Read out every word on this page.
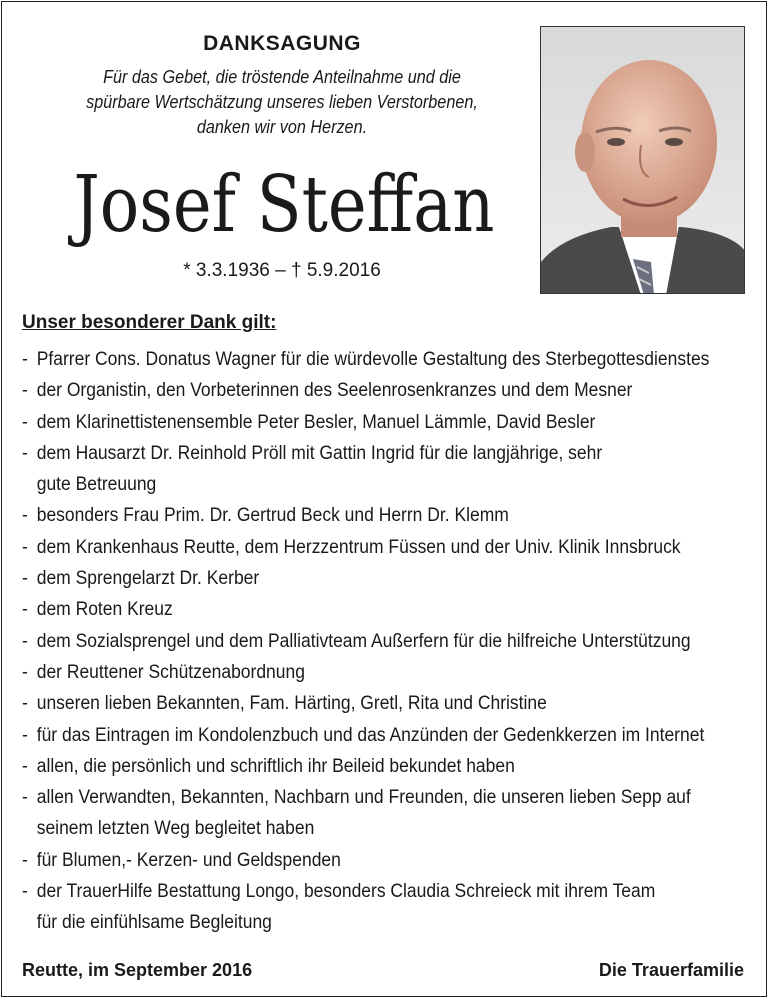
DANKSAGUNG
Für das Gebet, die tröstende Anteilnahme und die
spürbare Wertschätzung unseres lieben Verstorbenen,
danken wir von Herzen.
Josef Steffan
* 3.3.1936 – † 5.9.2016
Unser besonderer Dank gilt:
- Pfarrer Cons. Donatus Wagner für die würdevolle Gestaltung des Sterbegottesdienstes
- der Organistin, den Vorbeterinnen des Seelenrosenkranzes und dem Mesner
- dem Klarinettistenensemble Peter Besler, Manuel Lämmle, David Besler
- dem Hausarzt Dr. Reinhold Pröll mit Gattin Ingrid für die langjährige, sehr
gute Betreuung
- besonders Frau Prim. Dr. Gertrud Beck und Herrn Dr. Klemm
- dem Krankenhaus Reutte, dem Herzzentrum Füssen und der Univ. Klinik Innsbruck
- dem Sprengelarzt Dr. Kerber
- dem Roten Kreuz
- dem Sozialsprengel und dem Palliativteam Außerfern für die hilfreiche Unterstützung
- der Reuttener Schützenabordnung
- unseren lieben Bekannten, Fam. Härting, Gretl, Rita und Christine
- für das Eintragen im Kondolenzbuch und das Anzünden der Gedenkkerzen im Internet
- allen, die persönlich und schriftlich ihr Beileid bekundet haben
- allen Verwandten, Bekannten, Nachbarn und Freunden, die unseren lieben Sepp auf
seinem letzten Weg begleitet haben
- für Blumen,- Kerzen- und Geldspenden
- der TrauerHilfe Bestattung Longo, besonders Claudia Schreieck mit ihrem Team
für die einfühlsame Begleitung
Reutte, im September 2016	Die Trauerfamilie
